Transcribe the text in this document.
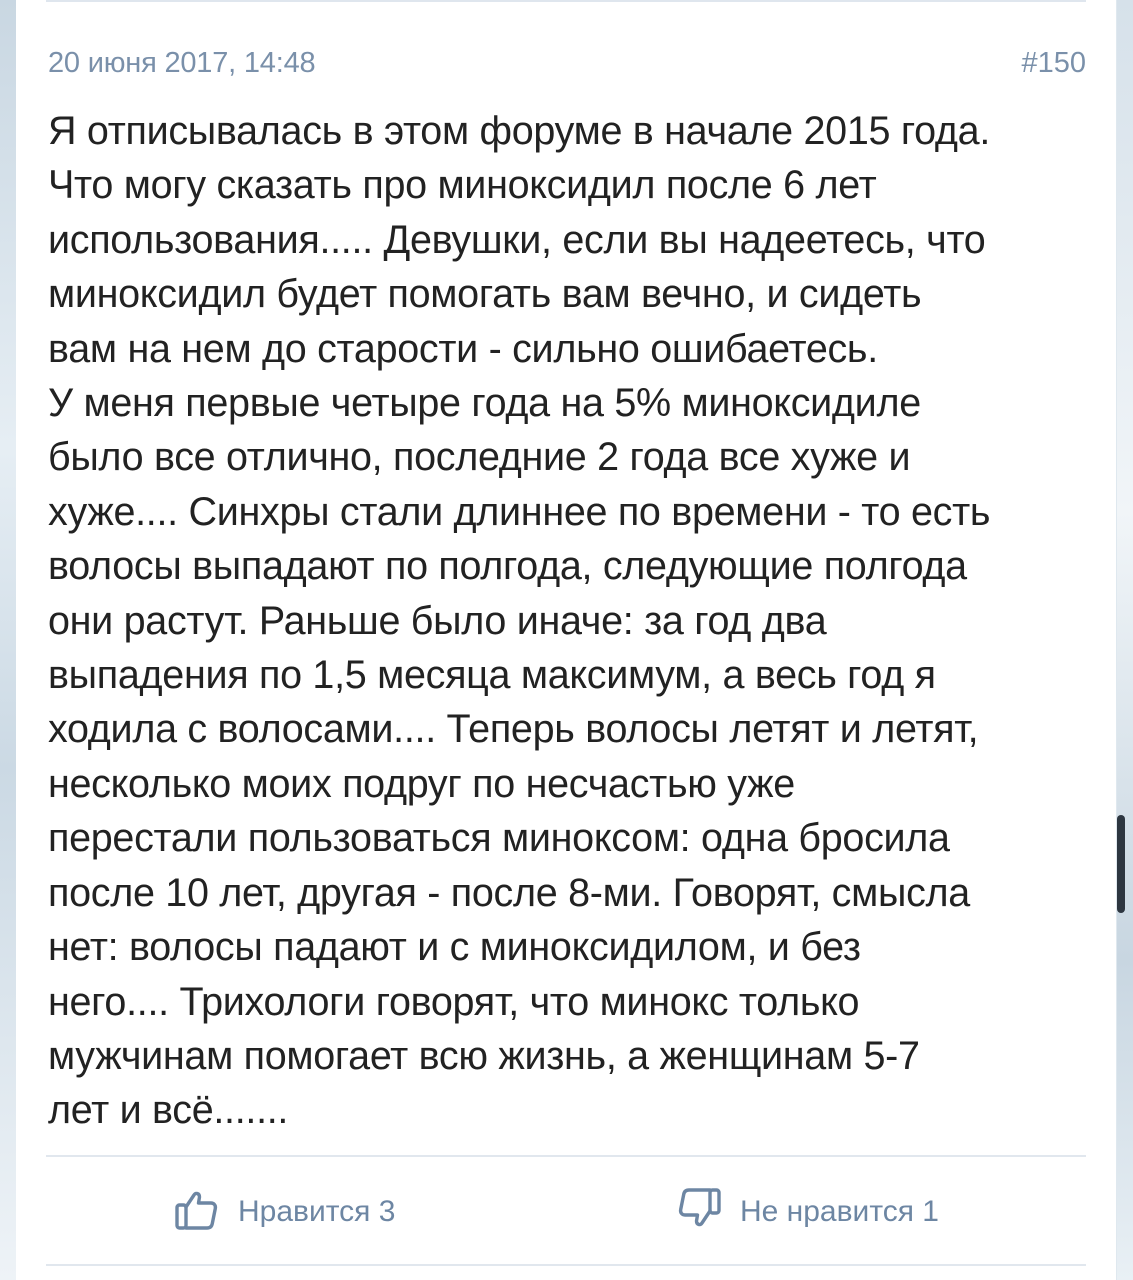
20 июня 2017, 14:48	#150
Я отписывалась в этом форуме в начале 2015 года.
Что могу сказать про миноксидил после 6 лет
использования..... Девушки, если вы надеетесь, что
миноксидил будет помогать вам вечно, и сидеть
вам на нем до старости - сильно ошибаетесь.
У меня первые четыре года на 5% миноксидиле
было все отлично, последние 2 года все хуже и
хуже.... Синхры стали длиннее по времени - то есть
волосы выпадают по полгода, следующие полгода
они растут. Раньше было иначе: за год два
выпадения по 1,5 месяца максимум, а весь год я
ходила с волосами.... Теперь волосы летят и летят,
несколько моих подруг по несчастью уже
перестали пользоваться миноксом: одна бросила
после 10 лет, другая - после 8-ми. Говорят, смысла
нет: волосы падают и с миноксидилом, и без
него.... Трихологи говорят, что минокс только
мужчинам помогает всю жизнь, а женщинам 5-7
лет и всё.......
Нравится 3	Не нравится 1
